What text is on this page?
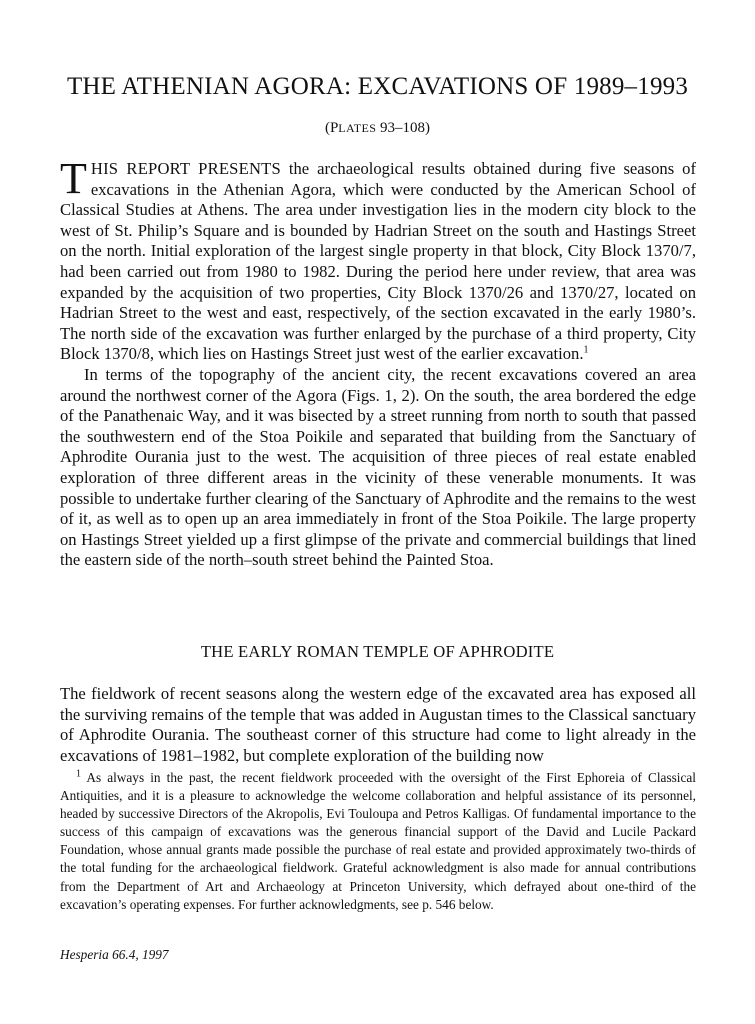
THE ATHENIAN AGORA: EXCAVATIONS OF 1989–1993
(PLATES 93–108)

THIS REPORT PRESENTS the archaeological results obtained during five seasons of excavations in the Athenian Agora, which were conducted by the American School of Classical Studies at Athens. The area under investigation lies in the modern city block to the west of St. Philip’s Square and is bounded by Hadrian Street on the south and Hastings Street on the north. Initial exploration of the largest single property in that block, City Block 1370/7, had been carried out from 1980 to 1982. During the period here under review, that area was expanded by the acquisition of two properties, City Block 1370/26 and 1370/27, located on Hadrian Street to the west and east, respectively, of the section excavated in the early 1980’s. The north side of the excavation was further enlarged by the purchase of a third property, City Block 1370/8, which lies on Hastings Street just west of the earlier excavation.$^1$

In terms of the topography of the ancient city, the recent excavations covered an area around the northwest corner of the Agora (Figs. 1, 2). On the south, the area bordered the edge of the Panathenaic Way, and it was bisected by a street running from north to south that passed the southwestern end of the Stoa Poikile and separated that building from the Sanctuary of Aphrodite Ourania just to the west. The acquisition of three pieces of real estate enabled exploration of three different areas in the vicinity of these venerable monuments. It was possible to undertake further clearing of the Sanctuary of Aphrodite and the remains to the west of it, as well as to open up an area immediately in front of the Stoa Poikile. The large property on Hastings Street yielded up a first glimpse of the private and commercial buildings that lined the eastern side of the north–south street behind the Painted Stoa.

THE EARLY ROMAN TEMPLE OF APHRODITE

The fieldwork of recent seasons along the western edge of the excavated area has exposed all the surviving remains of the temple that was added in Augustan times to the Classical sanctuary of Aphrodite Ourania. The southeast corner of this structure had come to light already in the excavations of 1981–1982, but complete exploration of the building now

$^1$ As always in the past, the recent fieldwork proceeded with the oversight of the First Ephoreia of Classical Antiquities, and it is a pleasure to acknowledge the welcome collaboration and helpful assistance of its personnel, headed by successive Directors of the Akropolis, Evi Touloupa and Petros Kalligas. Of fundamental importance to the success of this campaign of excavations was the generous financial support of the David and Lucile Packard Foundation, whose annual grants made possible the purchase of real estate and provided approximately two-thirds of the total funding for the archaeological fieldwork. Grateful acknowledgment is also made for annual contributions from the Department of Art and Archaeology at Princeton University, which defrayed about one-third of the excavation’s operating expenses. For further acknowledgments, see p. 546 below.

Hesperia 66.4, 1997
